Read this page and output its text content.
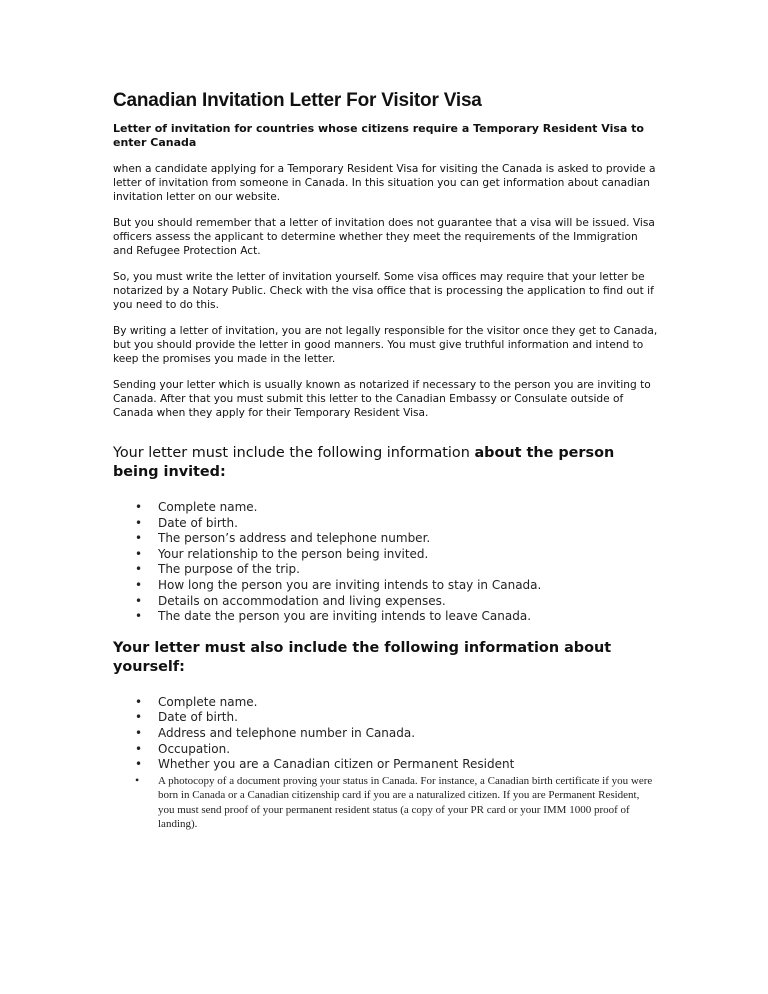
Canadian Invitation Letter For Visitor Visa

Letter of invitation for countries whose citizens require a Temporary Resident Visa to enter Canada

when a candidate applying for a Temporary Resident Visa for visiting the Canada is asked to provide a letter of invitation from someone in Canada. In this situation you can get information about canadian invitation letter on our website.

But you should remember that a letter of invitation does not guarantee that a visa will be issued. Visa officers assess the applicant to determine whether they meet the requirements of the Immigration and Refugee Protection Act.

So, you must write the letter of invitation yourself. Some visa offices may require that your letter be notarized by a Notary Public. Check with the visa office that is processing the application to find out if you need to do this.

By writing a letter of invitation, you are not legally responsible for the visitor once they get to Canada, but you should provide the letter in good manners. You must give truthful information and intend to keep the promises you made in the letter.

Sending your letter which is usually known as notarized if necessary to the person you are inviting to Canada. After that you must submit this letter to the Canadian Embassy or Consulate outside of Canada when they apply for their Temporary Resident Visa.

Your letter must include the following information about the person being invited:
• Complete name.
• Date of birth.
• The person’s address and telephone number.
• Your relationship to the person being invited.
• The purpose of the trip.
• How long the person you are inviting intends to stay in Canada.
• Details on accommodation and living expenses.
• The date the person you are inviting intends to leave Canada.
Your letter must also include the following information about yourself:
• Complete name.
• Date of birth.
• Address and telephone number in Canada.
• Occupation.
• Whether you are a Canadian citizen or Permanent Resident
• A photocopy of a document proving your status in Canada. For instance, a Canadian birth certificate if you were born in Canada or a Canadian citizenship card if you are a naturalized citizen. If you are Permanent Resident, you must send proof of your permanent resident status (a copy of your PR card or your IMM 1000 proof of landing).
